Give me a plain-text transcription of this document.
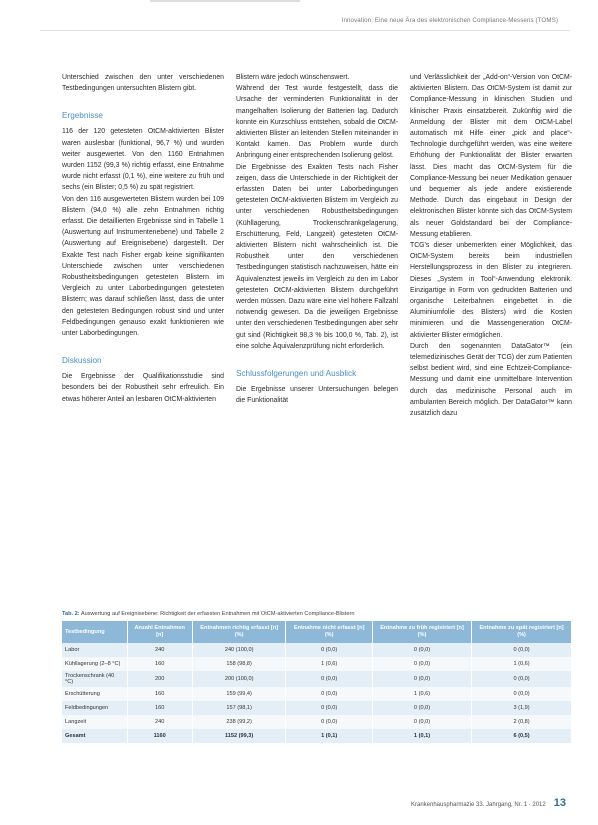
Innovation: Eine neue Ära des elektronischen Compliance-Messens (TOMS)

Unterschied zwischen den unter verschiedenen Testbedingungen untersuchten Blistern gibt.

Ergebnisse

116 der 120 getesteten OtCM-aktivierten Blister waren auslesbar (funktional, 96,7 %) und wurden weiter ausgewertet. Von den 1160 Entnahmen wurden 1152 (99,3 %) richtig erfasst, eine Entnahme wurde nicht erfasst (0,1 %), eine weitere zu früh und sechs (ein Blister; 0,5 %) zu spät registriert.

Von den 116 ausgewerteten Blistern wurden bei 109 Blistern (94,0 %) alle zehn Entnahmen richtig erfasst. Die detaillierten Ergebnisse sind in Tabelle 1 (Auswertung auf Instrumentenebene) und Tabelle 2 (Auswertung auf Ereignisebene) dargestellt. Der Exakte Test nach Fisher ergab keine signifikanten Unterschiede zwischen unter verschiedenen Robustheitsbedingungen getesteten Blistern im Vergleich zu unter Laborbedingungen getesteten Blistern; was darauf schließen lässt, dass die unter den getesteten Bedingungen robust sind und unter Feldbedingungen genauso exakt funktionieren wie unter Laborbedingungen.

Diskussion

Die Ergebnisse der Qualifikationsstudie sind besonders bei der Robustheit sehr erfreulich. Ein etwas höherer Anteil an lesbaren OtCM-aktivierten

Blistern wäre jedoch wünschenswert.

Während der Test wurde festgestellt, dass die Ursache der verminderten Funktionalität in der mangelhaften Isolierung der Batterien lag. Dadurch konnte ein Kurzschluss entstehen, sobald die OtCM-aktivierten Blister an leitenden Stellen miteinander in Kontakt kamen. Das Problem wurde durch Anbringung einer entsprechenden Isolierung gelöst.

Die Ergebnisse des Exakten Tests nach Fisher zeigen, dass die Unterschiede in der Richtigkeit der erfassten Daten bei unter Laborbedingungen getesteten OtCM-aktivierten Blistern im Vergleich zu unter verschiedenen Robustheitsbedingungen (Kühllagerung, Trockenschrankgelagerung, Erschütterung, Feld, Langzeit) getesteten OtCM-aktivierten Blistern nicht wahrscheinlich ist. Die Robustheit unter den verschiedenen Testbedingungen statistisch nachzuweisen, hätte ein Äquivalenztest jeweils im Vergleich zu den im Labor getesteten OtCM-aktivierten Blistern durchgeführt werden müssen. Dazu wäre eine viel höhere Fallzahl notwendig gewesen. Da die jeweiligen Ergebnisse unter den verschiedenen Testbedingungen aber sehr gut sind (Richtigkeit 98,3 % bis 100,0 %, Tab. 2), ist eine solche Äquivalenzprüfung nicht erforderlich.

Schlussfolgerungen und Ausblick

Die Ergebnisse unserer Untersuchungen belegen die Funktionalität

und Verlässlichkeit der „Add-on“-Version von OtCM-aktivierten Blistern. Das OtCM-System ist damit zur Compliance-Messung in klinischen Studien und klinischer Praxis einsatzbereit. Zukünftig wird die Anmeldung der Blister mit dem OtCM-Label automatisch mit Hilfe einer „pick and place“-Technologie durchgeführt werden, was eine weitere Erhöhung der Funktionalität der Blister erwarten lässt. Dies macht das OtCM-System für die Compliance-Messung bei neuer Medikation genauer und bequemer als jede andere existierende Methode. Durch das eingebaut in Design der elektronischen Blister könnte sich das OtCM-System als neuer Goldstandard bei der Compliance-Messung etablieren.

TCG's dieser unbemerkten einer Möglichkeit, das OtCM-System bereits beim industriellen Herstellungsprozess in den Blister zu integrieren. Dieses „System in Tool“-Anwendung elektronik. Einzigartige in Form von gedruckten Batterien und organische Leiterbahnen eingebettet in die Aluminiumfolie des Blisters) wird die Kosten minimieren und die Massengeneration OtCM-aktivierter Blister ermöglichen.

Durch den sogenannten DataGator™ (ein telemedizinisches Gerät der TCG) der zum Patienten selbst bedient wird, sind eine Echtzeit-Compliance-Messung und damit eine unmittelbare Intervention durch das medizinische Personal auch im ambulanten Bereich möglich. Der DataGator™ kann zusätzlich dazu

Tab. 2: Auswertung auf Ereignisebene: Richtigkeit der erfassten Entnahmen mit OtCM-aktivierten Compliance-Blistern

Testbedingung	Anzahl Entnahmen [n]	Entnahmen richtig erfasst [n] (%)	Entnahme nicht erfasst [n] (%)	Entnahme zu früh registriert [n] (%)	Entnahme zu spät registriert [n] (%)
Labor	240	240 (100,0)	0 (0,0)	0 (0,0)	0 (0,0)
Kühllagerung (2–8 °C)	160	158 (98,8)	1 (0,6)	0 (0,0)	1 (0,6)
Trockenschrank (40 °C)	200	200 (100,0)	0 (0,0)	0 (0,0)	0 (0,0)
Erschütterung	160	159 (99,4)	0 (0,0)	1 (0,6)	0 (0,0)
Feldbedingungen	160	157 (98,1)	0 (0,0)	0 (0,0)	3 (1,9)
Langzeit	240	238 (99,2)	0 (0,0)	0 (0,0)	2 (0,8)
Gesamt	1160	1152 (99,3)	1 (0,1)	1 (0,1)	6 (0,5)
Krankenhauspharmazie 33. Jahrgang, Nr. 1 · 2012 13
